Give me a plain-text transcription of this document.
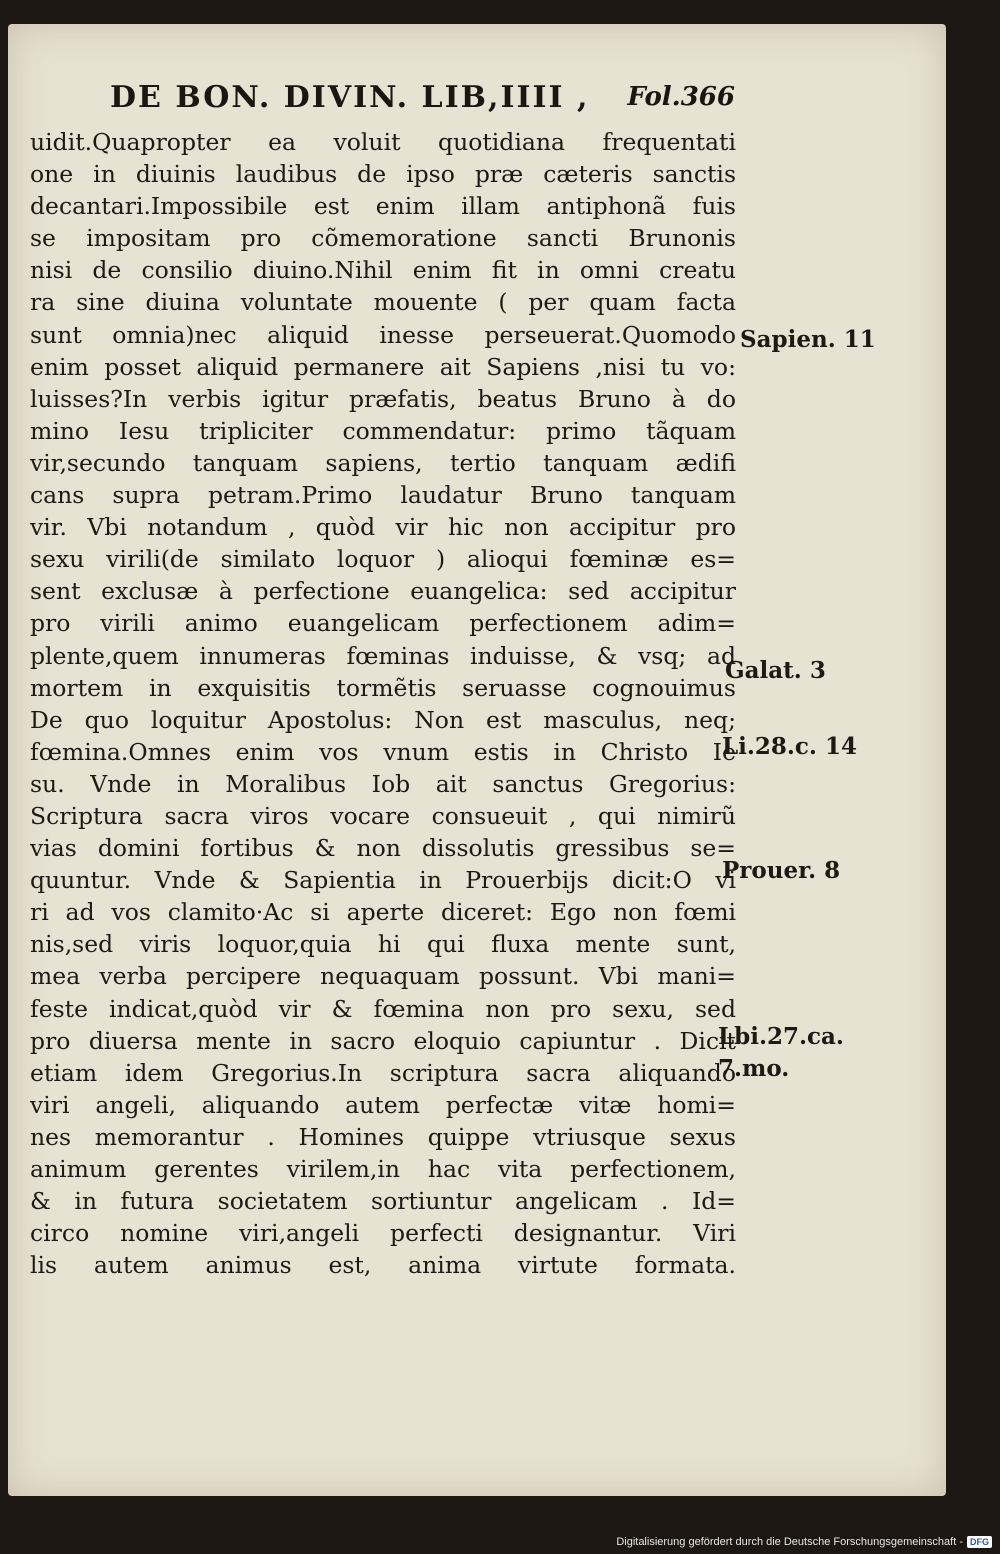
DE BON. DIVIN. LIB,IIII , Fol.366
uidit.Quapropter ea voluit quotidiana frequentati
one in diuinis laudibus de ipso præ cæteris sanctis
decantari.Impossibile est enim illam antiphonã fuis
se impositam pro cõmemoratione sancti Brunonis
nisi de consilio diuino.Nihil enim fit in omni creatu
ra sine diuina voluntate mouente ( per quam facta
sunt omnia)nec aliquid inesse perseuerat.Quomodo
enim posset aliquid permanere ait Sapiens ,nisi tu vo:
luisses?In verbis igitur præfatis, beatus Bruno à do
mino Iesu tripliciter commendatur: primo tãquam
vir,secundo tanquam sapiens, tertio tanquam ædifi
cans supra petram.Primo laudatur Bruno tanquam
vir. Vbi notandum , quòd vir hic non accipitur pro
sexu virili(de similato loquor ) alioqui fœminæ es=
sent exclusæ à perfectione euangelica: sed accipitur
pro virili animo euangelicam perfectionem adim=
plente,quem innumeras fœminas induisse, & vsq; ad
mortem in exquisitis tormẽtis seruasse cognouimus
De quo loquitur Apostolus: Non est masculus, neq;
fœmina.Omnes enim vos vnum estis in Christo Ie
su. Vnde in Moralibus Iob ait sanctus Gregorius:
Scriptura sacra viros vocare consueuit , qui nimirũ
vias domini fortibus & non dissolutis gressibus se=
quuntur. Vnde & Sapientia in Prouerbijs dicit:O vi
ri ad vos clamito·Ac si aperte diceret: Ego non fœmi
nis,sed viris loquor,quia hi qui fluxa mente sunt,
mea verba percipere nequaquam possunt. Vbi mani=
feste indicat,quòd vir & fœmina non pro sexu, sed
pro diuersa mente in sacro eloquio capiuntur . Dicit
etiam idem Gregorius.In scriptura sacra aliquando
viri angeli, aliquando autem perfectæ vitæ homi=
nes memorantur . Homines quippe vtriusque sexus
animum gerentes virilem,in hac vita perfectionem,
& in futura societatem sortiuntur angelicam . Id=
circo nomine viri,angeli perfecti designantur. Viri
lis autem animus est, anima virtute formata.
Sapien. 11
Galat. 3
Li.28.c. 14
Prouer. 8
Lbi.27.ca.
7.mo.
Digitalisierung gefördert durch die Deutsche Forschungsgemeinschaft - DFG
